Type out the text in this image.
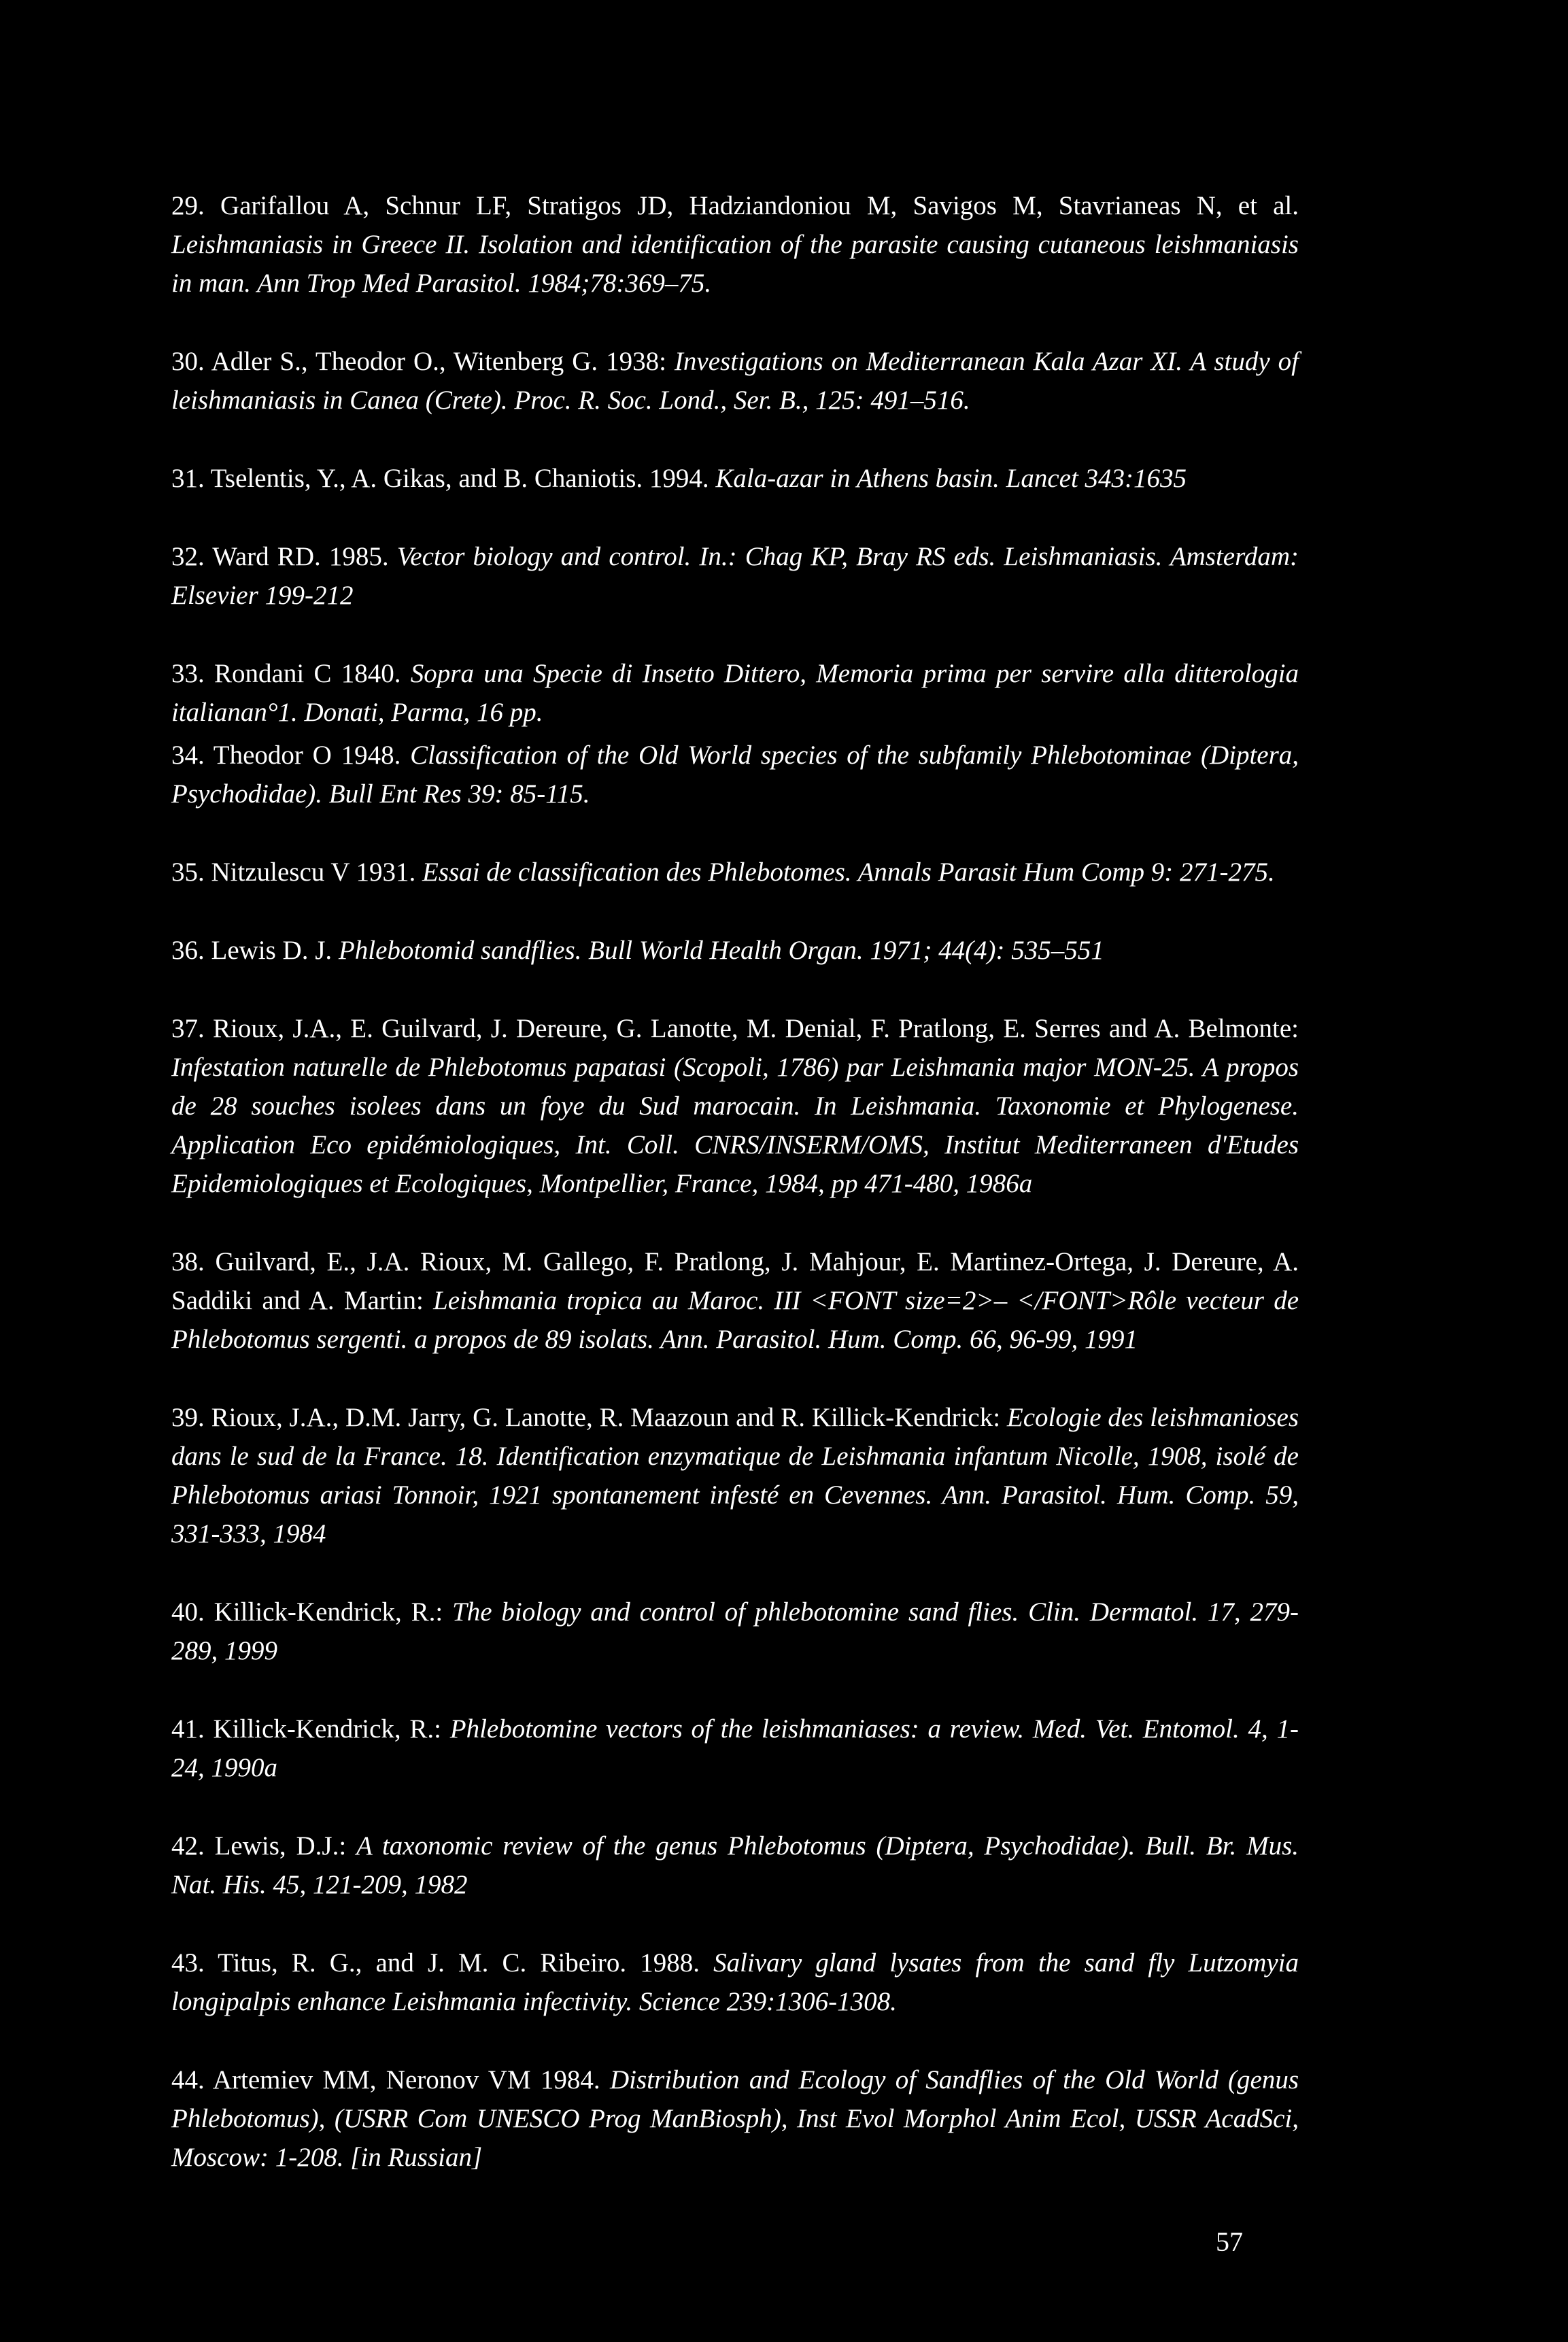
29. Garifallou A, Schnur LF, Stratigos JD, Hadziandoniou M, Savigos M, Stavrianeas N, et al. Leishmaniasis in Greece II. Isolation and identification of the parasite causing cutaneous leishmaniasis in man. Ann Trop Med Parasitol. 1984;78:369–75.

30. Adler S., Theodor O., Witenberg G. 1938: Investigations on Mediterranean Kala Azar XI. A study of leishmaniasis in Canea (Crete). Proc. R. Soc. Lond., Ser. B., 125: 491–516.

31. Tselentis, Y., A. Gikas, and B. Chaniotis. 1994. Kala-azar in Athens basin. Lancet 343:1635

32. Ward RD. 1985. Vector biology and control. In.: Chag KP, Bray RS eds. Leishmaniasis. Amsterdam: Elsevier 199-212

33. Rondani C 1840. Sopra una Specie di Insetto Dittero, Memoria prima per servire alla ditterologia italianan°1. Donati, Parma, 16 pp.

34. Theodor O 1948. Classification of the Old World species of the subfamily Phlebotominae (Diptera, Psychodidae). Bull Ent Res 39: 85-115.

35. Nitzulescu V 1931. Essai de classification des Phlebotomes. Annals Parasit Hum Comp 9: 271-275.

36. Lewis D. J. Phlebotomid sandflies. Bull World Health Organ. 1971; 44(4): 535–551

37. Rioux, J.A., E. Guilvard, J. Dereure, G. Lanotte, M. Denial, F. Pratlong, E. Serres and A. Belmonte: Infestation naturelle de Phlebotomus papatasi (Scopoli, 1786) par Leishmania major MON-25. A propos de 28 souches isolees dans un foye du Sud marocain. In Leishmania. Taxonomie et Phylogenese. Application Eco epidémiologiques, Int. Coll. CNRS/INSERM/OMS, Institut Mediterraneen d'Etudes Epidemiologiques et Ecologiques, Montpellier, France, 1984, pp 471-480, 1986a

38. Guilvard, E., J.A. Rioux, M. Gallego, F. Pratlong, J. Mahjour, E. Martinez-Ortega, J. Dereure, A. Saddiki and A. Martin: Leishmania tropica au Maroc. III <FONT size=2>– </FONT>Rôle vecteur de Phlebotomus sergenti. a propos de 89 isolats. Ann. Parasitol. Hum. Comp. 66, 96-99, 1991

39. Rioux, J.A., D.M. Jarry, G. Lanotte, R. Maazoun and R. Killick-Kendrick: Ecologie des leishmanioses dans le sud de la France. 18. Identification enzymatique de Leishmania infantum Nicolle, 1908, isolé de Phlebotomus ariasi Tonnoir, 1921 spontanement infesté en Cevennes. Ann. Parasitol. Hum. Comp. 59, 331-333, 1984

40. Killick-Kendrick, R.: The biology and control of phlebotomine sand flies. Clin. Dermatol. 17, 279-289, 1999

41. Killick-Kendrick, R.: Phlebotomine vectors of the leishmaniases: a review. Med. Vet. Entomol. 4, 1-24, 1990a

42. Lewis, D.J.: A taxonomic review of the genus Phlebotomus (Diptera, Psychodidae). Bull. Br. Mus. Nat. His. 45, 121-209, 1982

43. Titus, R. G., and J. M. C. Ribeiro. 1988. Salivary gland lysates from the sand fly Lutzomyia longipalpis enhance Leishmania infectivity. Science 239:1306-1308.

44. Artemiev MM, Neronov VM 1984. Distribution and Ecology of Sandflies of the Old World (genus Phlebotomus), (USRR Com UNESCO Prog ManBiosph), Inst Evol Morphol Anim Ecol, USSR AcadSci, Moscow: 1-208. [in Russian]

57
